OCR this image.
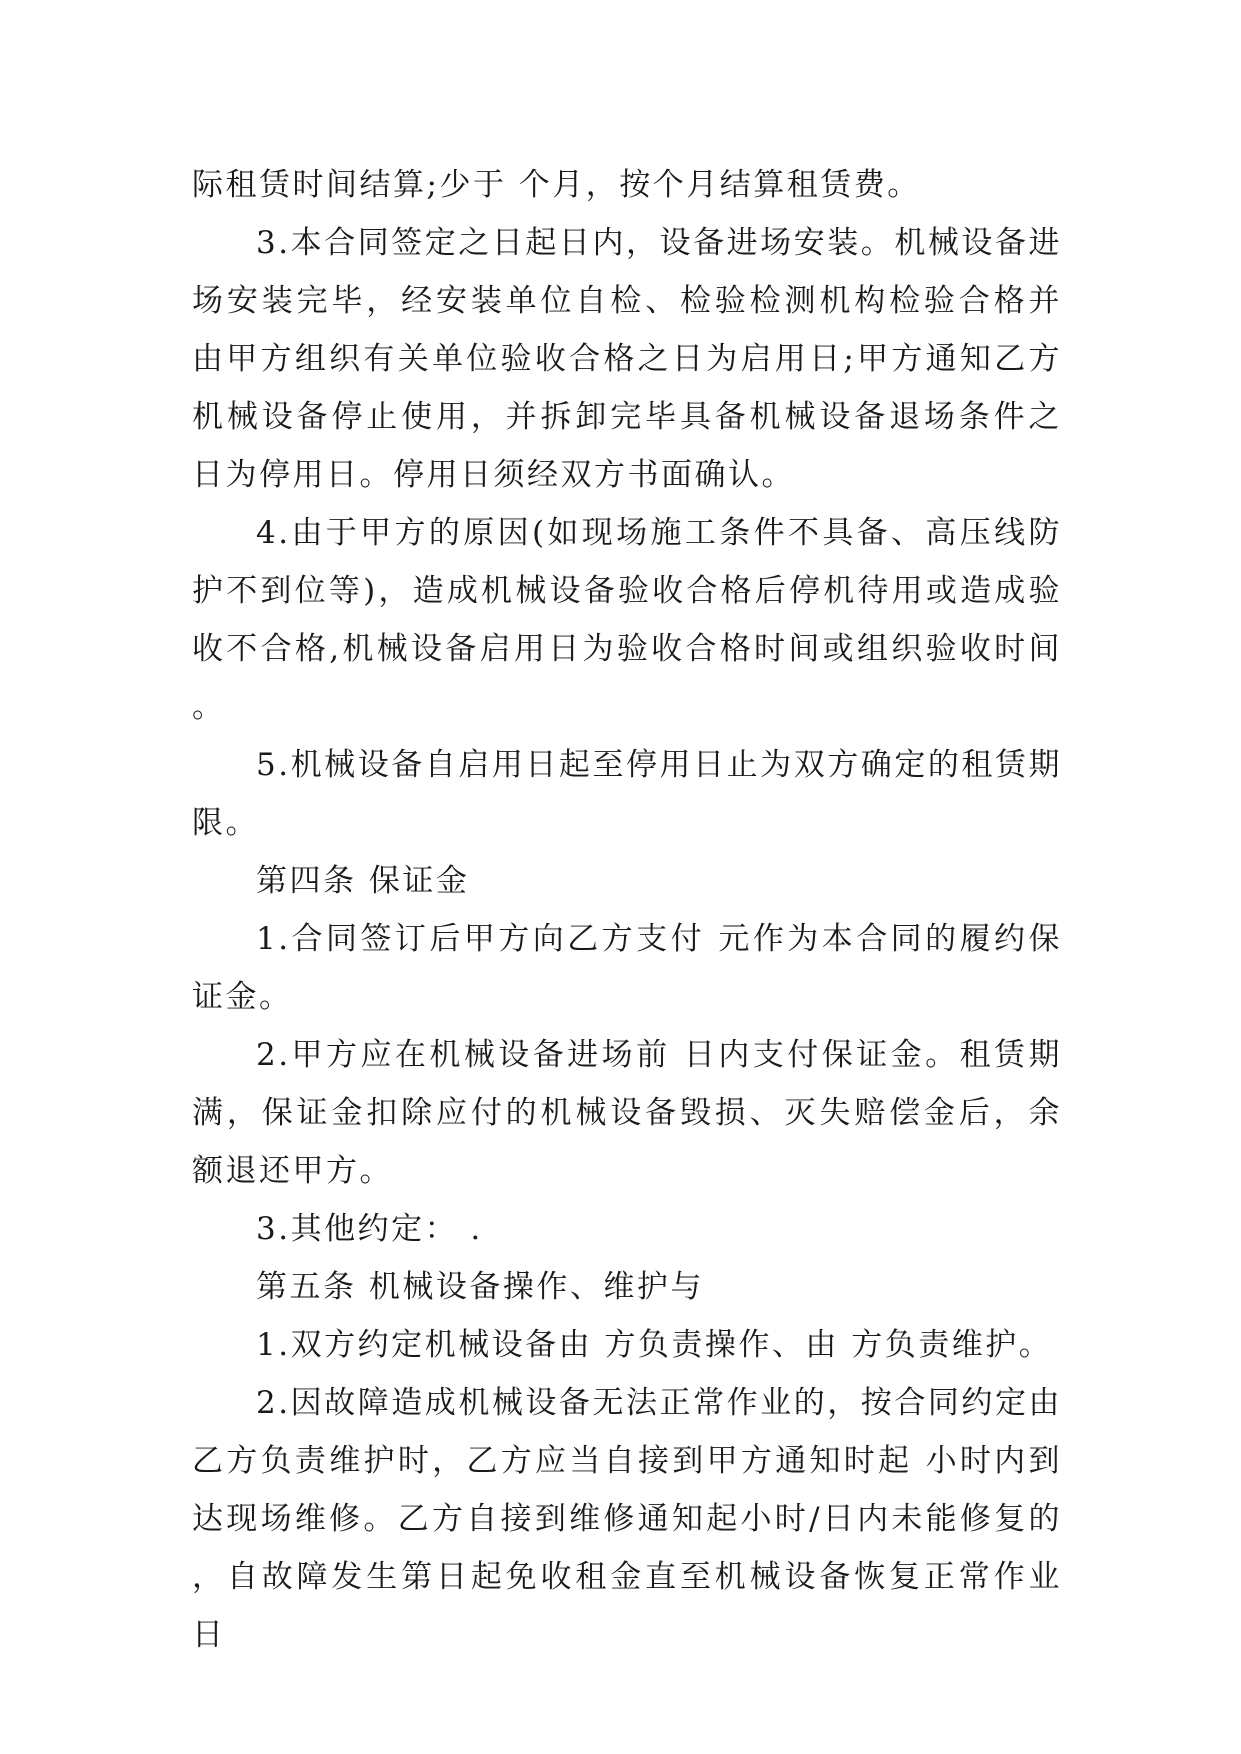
际租赁时间结算;少于 个月，按个月结算租赁费。

3.本合同签定之日起日内，设备进场安装。机械设备进场安装完毕，经安装单位自检、检验检测机构检验合格并由甲方组织有关单位验收合格之日为启用日;甲方通知乙方机械设备停止使用，并拆卸完毕具备机械设备退场条件之日为停用日。停用日须经双方书面确认。

4.由于甲方的原因(如现场施工条件不具备、高压线防护不到位等)，造成机械设备验收合格后停机待用或造成验收不合格,机械设备启用日为验收合格时间或组织验收时间。

5.机械设备自启用日起至停用日止为双方确定的租赁期限。

第四条 保证金

1.合同签订后甲方向乙方支付 元作为本合同的履约保证金。

2.甲方应在机械设备进场前 日内支付保证金。租赁期满，保证金扣除应付的机械设备毁损、灭失赔偿金后，余额退还甲方。

3.其他约定： .

第五条 机械设备操作、维护与

1.双方约定机械设备由 方负责操作、由 方负责维护。

2.因故障造成机械设备无法正常作业的，按合同约定由乙方负责维护时，乙方应当自接到甲方通知时起 小时内到达现场维修。乙方自接到维修通知起小时/日内未能修复的，自故障发生第日起免收租金直至机械设备恢复正常作业日
